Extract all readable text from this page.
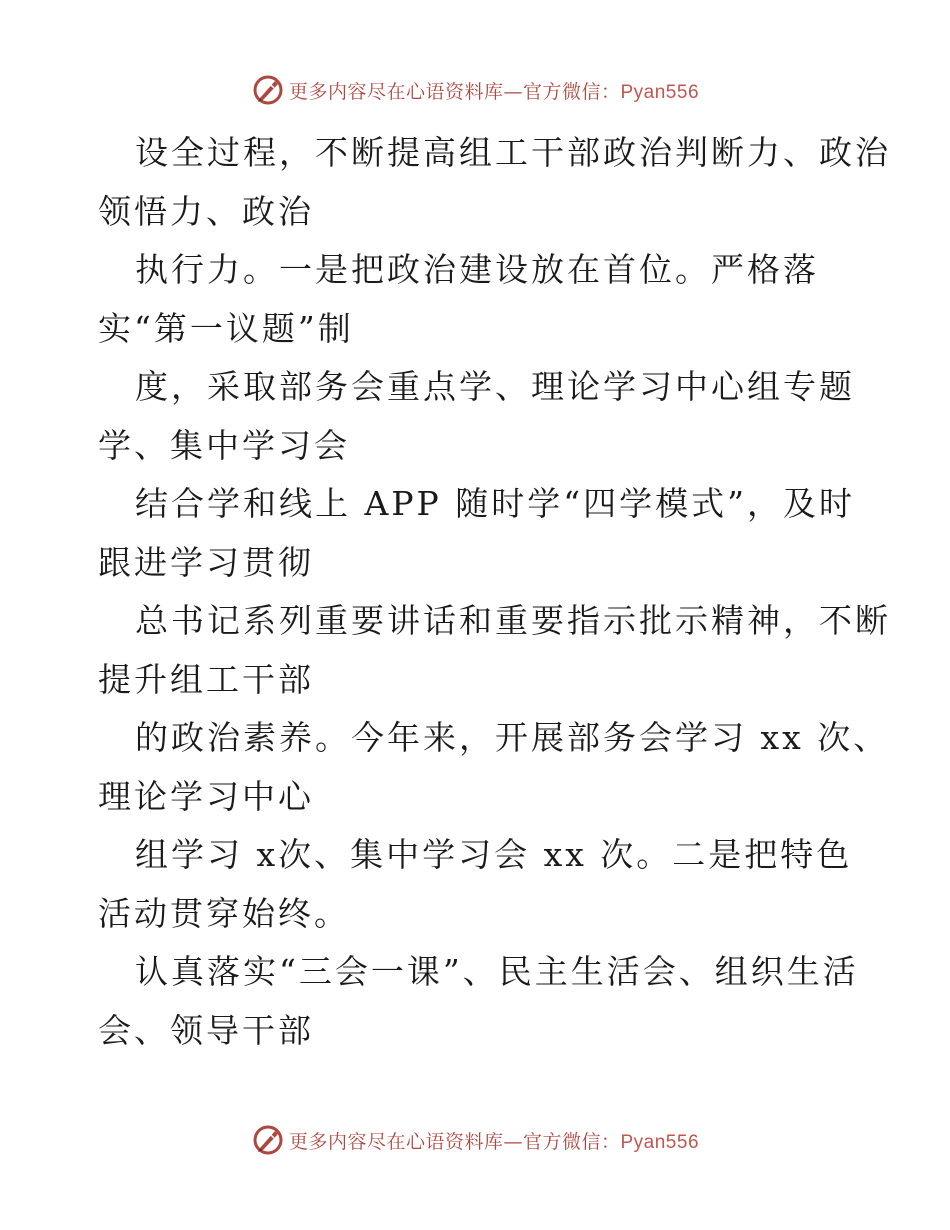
更多内容尽在心语资料库—官方微信：Pyan556
设全过程，不断提高组工干部政治判断力、政治
领悟力、政治
执行力。一是把政治建设放在首位。严格落
实“第一议题”制
度，采取部务会重点学、理论学习中心组专题
学、集中学习会
结合学和线上 APP 随时学“四学模式”，及时
跟进学习贯彻
总书记系列重要讲话和重要指示批示精神，不断
提升组工干部
的政治素养。今年来，开展部务会学习 xx 次、
理论学习中心
组学习 x次、集中学习会 xx 次。二是把特色
活动贯穿始终。
认真落实“三会一课”、民主生活会、组织生活
会、领导干部
更多内容尽在心语资料库—官方微信：Pyan556
